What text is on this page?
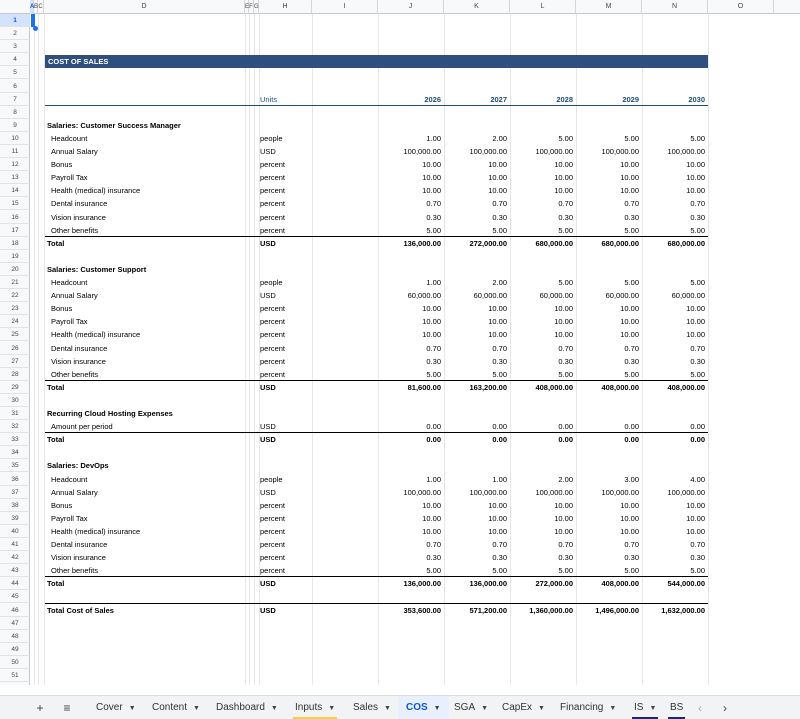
A B C	D	E F G	H	I	J	K	L	M	N	O
1
2
3
4
5
6
7
8
9
10
11
12
13
14
15
16
17
18
19
20
21
22
23
24
25
26
27
28
29
30
31
32
33
34
35
36
37
38
39
40
41
42
43
44
45
46
47
48
49
50
51
COST OF SALES
+	≡	Cover ▼	Content ▼	Dashboard ▼	Inputs ▼	Sales ▼	COS ▼	SGA ▼	CapEx ▼	Financing ▼	IS ▼	BS	‹	›
Units	2026	2027	2028	2029	2030
Salaries: Customer Success Manager
Headcount	people	1.00	2.00	5.00	5.00	5.00
Annual Salary	USD	100,000.00	100,000.00	100,000.00	100,000.00	100,000.00
Bonus	percent	10.00	10.00	10.00	10.00	10.00
Payroll Tax	percent	10.00	10.00	10.00	10.00	10.00
Health (medical) insurance	percent	10.00	10.00	10.00	10.00	10.00
Dental insurance	percent	0.70	0.70	0.70	0.70	0.70
Vision insurance	percent	0.30	0.30	0.30	0.30	0.30
Other benefits	percent	5.00	5.00	5.00	5.00	5.00
Total	USD	136,000.00	272,000.00	680,000.00	680,000.00	680,000.00
Salaries: Customer Support
Headcount	people	1.00	2.00	5.00	5.00	5.00
Annual Salary	USD	60,000.00	60,000.00	60,000.00	60,000.00	60,000.00
Bonus	percent	10.00	10.00	10.00	10.00	10.00
Payroll Tax	percent	10.00	10.00	10.00	10.00	10.00
Health (medical) insurance	percent	10.00	10.00	10.00	10.00	10.00
Dental insurance	percent	0.70	0.70	0.70	0.70	0.70
Vision insurance	percent	0.30	0.30	0.30	0.30	0.30
Other benefits	percent	5.00	5.00	5.00	5.00	5.00
Total	USD	81,600.00	163,200.00	408,000.00	408,000.00	408,000.00
Recurring Cloud Hosting Expenses
Amount per period	USD	0.00	0.00	0.00	0.00	0.00
Total	USD	0.00	0.00	0.00	0.00	0.00
Salaries: DevOps
Headcount	people	1.00	1.00	2.00	3.00	4.00
Annual Salary	USD	100,000.00	100,000.00	100,000.00	100,000.00	100,000.00
Bonus	percent	10.00	10.00	10.00	10.00	10.00
Payroll Tax	percent	10.00	10.00	10.00	10.00	10.00
Health (medical) insurance	percent	10.00	10.00	10.00	10.00	10.00
Dental insurance	percent	0.70	0.70	0.70	0.70	0.70
Vision insurance	percent	0.30	0.30	0.30	0.30	0.30
Other benefits	percent	5.00	5.00	5.00	5.00	5.00
Total	USD	136,000.00	136,000.00	272,000.00	408,000.00	544,000.00
Total Cost of Sales	USD	353,600.00	571,200.00	1,360,000.00	1,496,000.00	1,632,000.00
